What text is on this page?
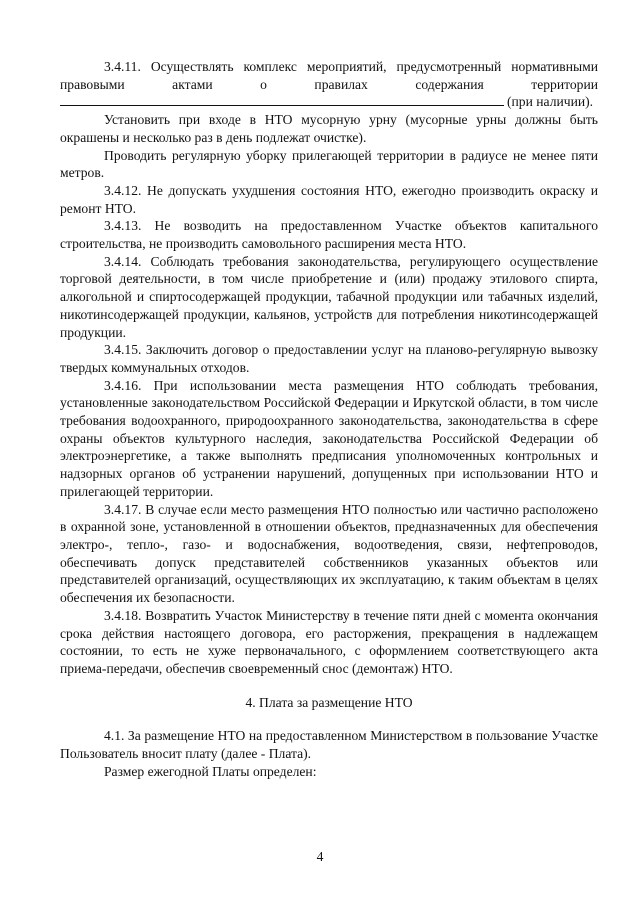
3.4.11. Осуществлять комплекс мероприятий, предусмотренный нормативными правовыми актами о правилах содержания территории

(при наличии).

Установить при входе в НТО мусорную урну (мусорные урны должны быть окрашены и несколько раз в день подлежат очистке).

Проводить регулярную уборку прилегающей территории в радиусе не менее пяти метров.

3.4.12. Не допускать ухудшения состояния НТО, ежегодно производить окраску и ремонт НТО.

3.4.13. Не возводить на предоставленном Участке объектов капитального строительства, не производить самовольного расширения места НТО.

3.4.14. Соблюдать требования законодательства, регулирующего осуществление торговой деятельности, в том числе приобретение и (или) продажу этилового спирта, алкогольной и спиртосодержащей продукции, табачной продукции или табачных изделий, никотинсодержащей продукции, кальянов, устройств для потребления никотинсодержащей продукции.

3.4.15. Заключить договор о предоставлении услуг на планово-регулярную вывозку твердых коммунальных отходов.

3.4.16. При использовании места размещения НТО соблюдать требования, установленные законодательством Российской Федерации и Иркутской области, в том числе требования водоохранного, природоохранного законодательства, законодательства в сфере охраны объектов культурного наследия, законодательства Российской Федерации об электроэнергетике, а также выполнять предписания уполномоченных контрольных и надзорных органов об устранении нарушений, допущенных при использовании НТО и прилегающей территории.

3.4.17. В случае если место размещения НТО полностью или частично расположено в охранной зоне, установленной в отношении объектов, предназначенных для обеспечения электро-, тепло-, газо- и водоснабжения, водоотведения, связи, нефтепроводов, обеспечивать допуск представителей собственников указанных объектов или представителей организаций, осуществляющих их эксплуатацию, к таким объектам в целях обеспечения их безопасности.

3.4.18. Возвратить Участок Министерству в течение пяти дней с момента окончания срока действия настоящего договора, его расторжения, прекращения в надлежащем состоянии, то есть не хуже первоначального, с оформлением соответствующего акта приема-передачи, обеспечив своевременный снос (демонтаж) НТО.

4. Плата за размещение НТО

4.1. За размещение НТО на предоставленном Министерством в пользование Участке Пользователь вносит плату (далее - Плата).

Размер ежегодной Платы определен:

4
